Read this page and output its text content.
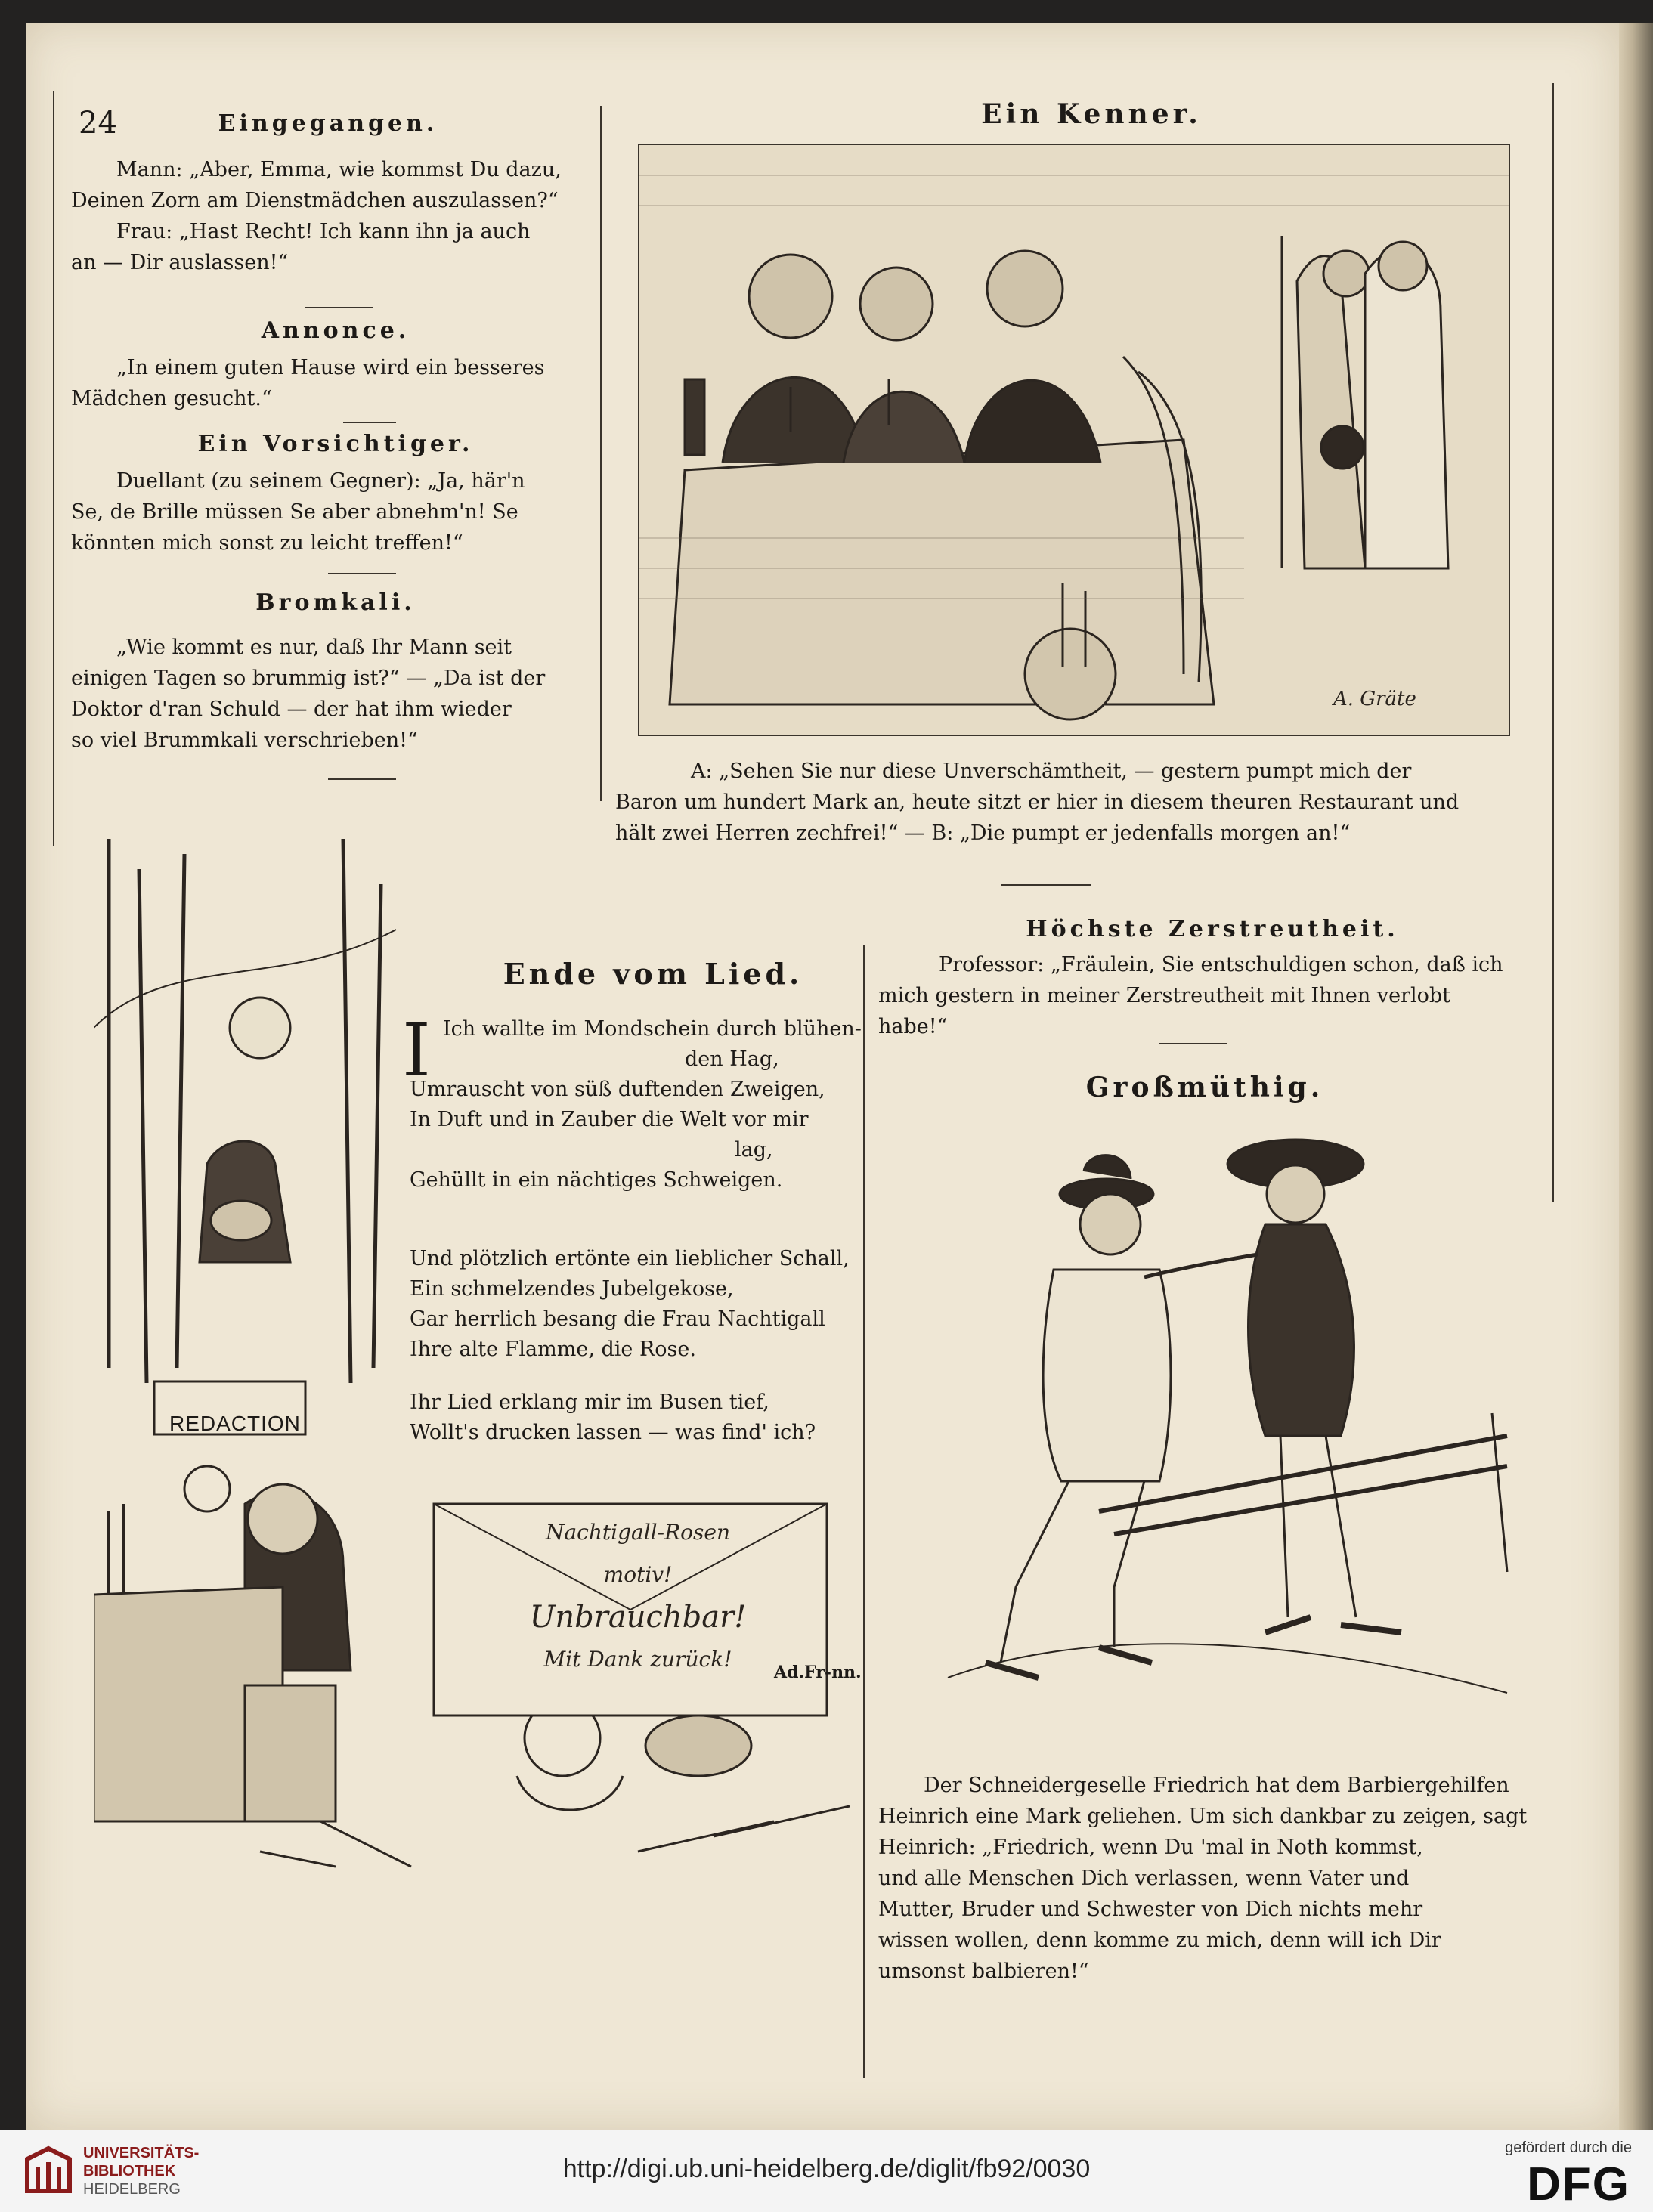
24	Eingegangen.
Mann: „Aber, Emma, wie kommst Du dazu,
Deinen Zorn am Dienstmädchen auszulassen?“
Frau: „Hast Recht! Ich kann ihn ja auch
an — Dir auslassen!“
Annonce.
„In einem guten Hause wird ein besseres
Mädchen gesucht.“
Ein Vorsichtiger.
Duellant (zu seinem Gegner): „Ja, här'n
Se, de Brille müssen Se aber abnehm'n! Se
könnten mich sonst zu leicht treffen!“
Bromkali.
„Wie kommt es nur, daß Ihr Mann seit
einigen Tagen so brummig ist?“ — „Da ist der
Doktor d'ran Schuld — der hat ihm wieder
so viel Brummkali verschrieben!“
Ein Kenner.
A. Gräte
A: „Sehen Sie nur diese Unverschämtheit, — gestern pumpt mich der
Baron um hundert Mark an, heute sitzt er hier in diesem theuren Restaurant und
hält zwei Herren zechfrei!“ — B: „Die pumpt er jedenfalls morgen an!“
REDACTION
Nachtigall-Rosen
motiv!
Unbrauchbar!
Mit Dank zurück!
Ende vom Lied.
I Ich wallte im Mondschein durch blühen-
den Hag,
Umrauscht von süß duftenden Zweigen,
In Duft und in Zauber die Welt vor mir
lag,
Gehüllt in ein nächtiges Schweigen.
Und plötzlich ertönte ein lieblicher Schall,
Ein schmelzendes Jubelgekose,
Gar herrlich besang die Frau Nachtigall
Ihre alte Flamme, die Rose.
Ihr Lied erklang mir im Busen tief,
Wollt's drucken lassen — was find' ich?
Ad.Fr-nn.
Höchste Zerstreutheit.
Professor: „Fräulein, Sie entschuldigen schon, daß ich
mich gestern in meiner Zerstreutheit mit Ihnen verlobt
habe!“
Großmüthig.
Der Schneidergeselle Friedrich hat dem Barbiergehilfen
Heinrich eine Mark geliehen. Um sich dankbar zu zeigen, sagt
Heinrich: „Friedrich, wenn Du 'mal in Noth kommst,
und alle Menschen Dich verlassen, wenn Vater und
Mutter, Bruder und Schwester von Dich nichts mehr
wissen wollen, denn komme zu mich, denn will ich Dir
umsonst balbieren!“
UNIVERSITÄTS-
BIBLIOTHEK
HEIDELBERG
http://digi.ub.uni-heidelberg.de/diglit/fb92/0030
gefördert durch die
DFG
